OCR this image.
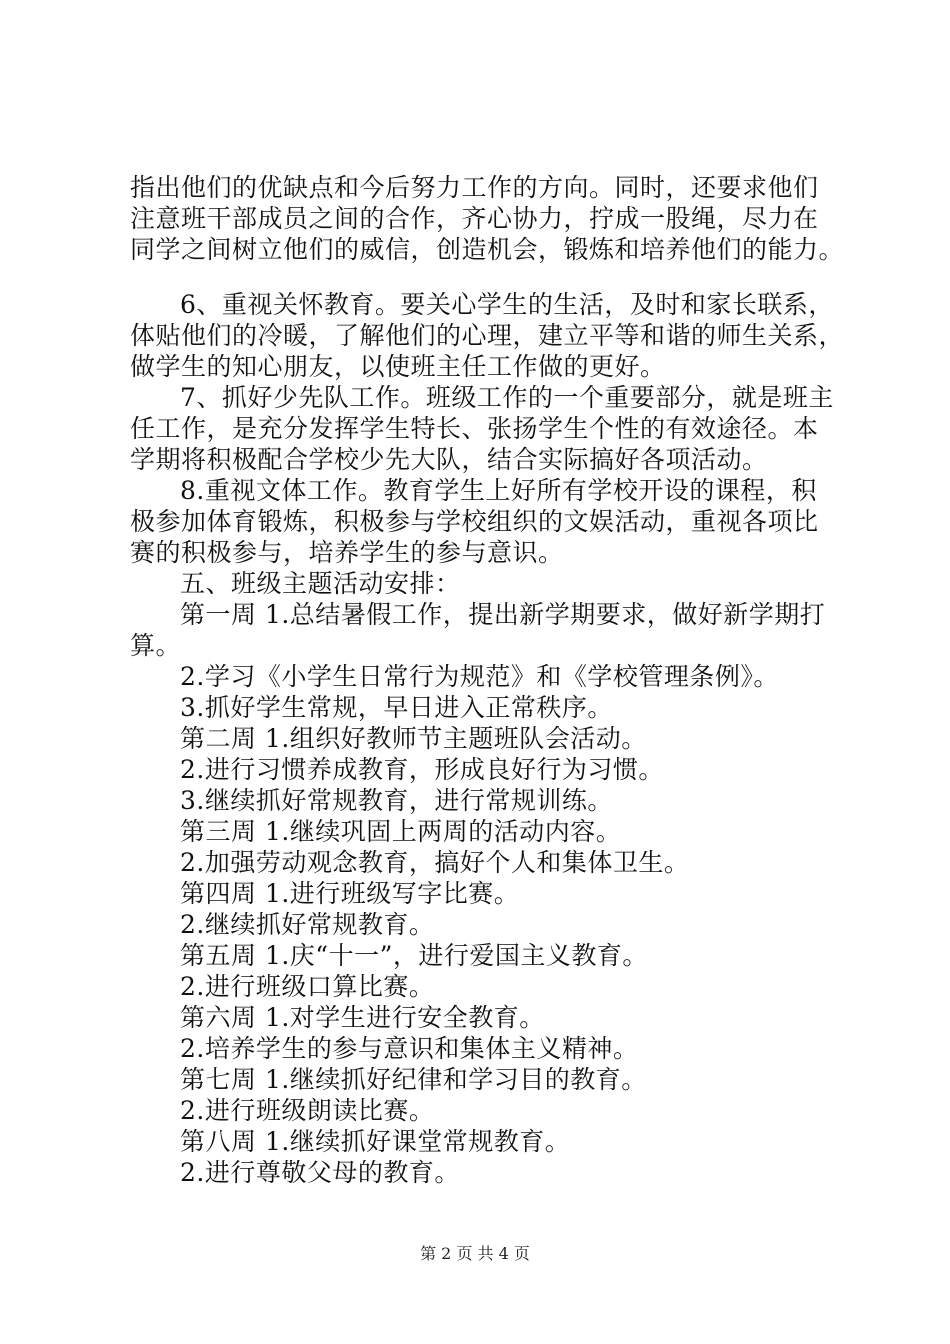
指出他们的优缺点和今后努力工作的方向。同时，还要求他们
注意班干部成员之间的合作，齐心协力，拧成一股绳，尽力在
同学之间树立他们的威信，创造机会，锻炼和培养他们的能力。
6、重视关怀教育。要关心学生的生活，及时和家长联系，
体贴他们的冷暖，了解他们的心理，建立平等和谐的师生关系，
做学生的知心朋友，以使班主任工作做的更好。
7、抓好少先队工作。班级工作的一个重要部分，就是班主
任工作，是充分发挥学生特长、张扬学生个性的有效途径。本
学期将积极配合学校少先大队，结合实际搞好各项活动。
8.重视文体工作。教育学生上好所有学校开设的课程，积
极参加体育锻炼，积极参与学校组织的文娱活动，重视各项比
赛的积极参与，培养学生的参与意识。
五、班级主题活动安排：
第一周 1.总结暑假工作，提出新学期要求，做好新学期打
算。
2.学习《小学生日常行为规范》和《学校管理条例》。
3.抓好学生常规，早日进入正常秩序。
第二周 1.组织好教师节主题班队会活动。
2.进行习惯养成教育，形成良好行为习惯。
3.继续抓好常规教育，进行常规训练。
第三周 1.继续巩固上两周的活动内容。
2.加强劳动观念教育，搞好个人和集体卫生。
第四周 1.进行班级写字比赛。
2.继续抓好常规教育。
第五周 1.庆“十一”，进行爱国主义教育。
2.进行班级口算比赛。
第六周 1.对学生进行安全教育。
2.培养学生的参与意识和集体主义精神。
第七周 1.继续抓好纪律和学习目的教育。
2.进行班级朗读比赛。
第八周 1.继续抓好课堂常规教育。
2.进行尊敬父母的教育。
第 2 页 共 4 页
